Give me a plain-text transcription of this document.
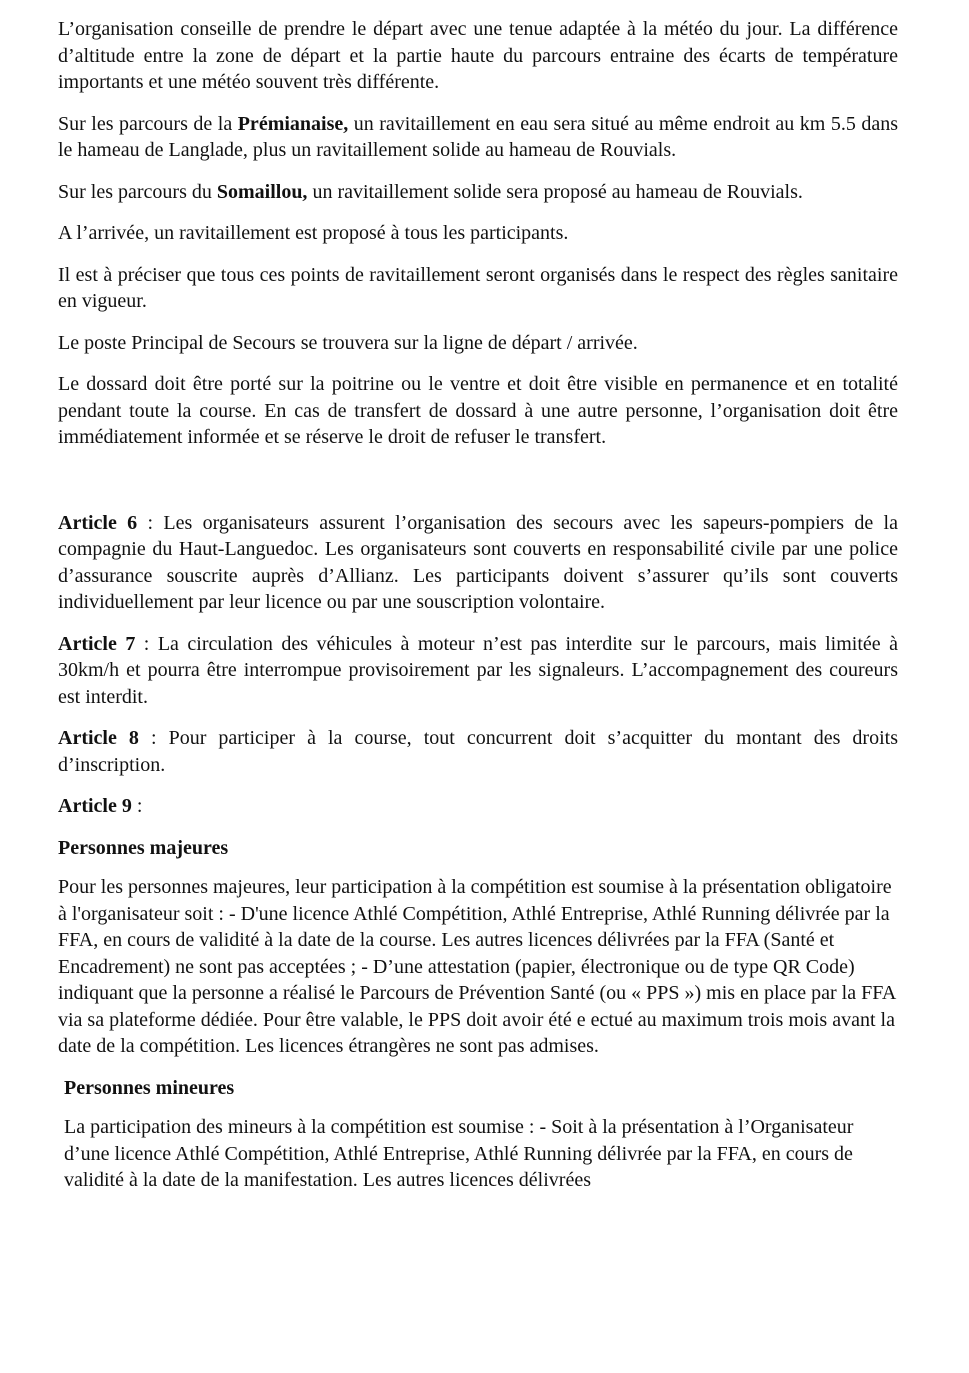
L’organisation conseille de prendre le départ avec une tenue adaptée à la météo du jour. La différence d’altitude entre la zone de départ et la partie haute du parcours entraine des écarts de température importants et une météo souvent très différente.

Sur les parcours de la Prémianaise, un ravitaillement en eau sera situé au même endroit au km 5.5 dans le hameau de Langlade, plus un ravitaillement solide au hameau de Rouvials.

Sur les parcours du Somaillou, un ravitaillement solide sera proposé au hameau de Rouvials.

A l’arrivée, un ravitaillement est proposé à tous les participants.

Il est à préciser que tous ces points de ravitaillement seront organisés dans le respect des règles sanitaire en vigueur.

Le poste Principal de Secours se trouvera sur la ligne de départ / arrivée.

Le dossard doit être porté sur la poitrine ou le ventre et doit être visible en permanence et en totalité pendant toute la course. En cas de transfert de dossard à une autre personne, l’organisation doit être immédiatement informée et se réserve le droit de refuser le transfert.

Article 6 : Les organisateurs assurent l’organisation des secours avec les sapeurs-pompiers de la compagnie du Haut-Languedoc. Les organisateurs sont couverts en responsabilité civile par une police d’assurance souscrite auprès d’Allianz. Les participants doivent s’assurer qu’ils sont couverts individuellement par leur licence ou par une souscription volontaire.

Article 7 : La circulation des véhicules à moteur n’est pas interdite sur le parcours, mais limitée à 30km/h et pourra être interrompue provisoirement par les signaleurs. L’accompagnement des coureurs est interdit.

Article 8 : Pour participer à la course, tout concurrent doit s’acquitter du montant des droits d’inscription.

Article 9 :

Personnes majeures

Pour les personnes majeures, leur participation à la compétition est soumise à la présentation obligatoire à l'organisateur soit : - D'une licence Athlé Compétition, Athlé Entreprise, Athlé Running délivrée par la FFA, en cours de validité à la date de la course. Les autres licences délivrées par la FFA (Santé et Encadrement) ne sont pas acceptées ; - D’une attestation (papier, électronique ou de type QR Code) indiquant que la personne a réalisé le Parcours de Prévention Santé (ou « PPS ») mis en place par la FFA via sa plateforme dédiée. Pour être valable, le PPS doit avoir été e ectué au maximum trois mois avant la date de la compétition. Les licences étrangères ne sont pas admises.

Personnes mineures

La participation des mineurs à la compétition est soumise : - Soit à la présentation à l’Organisateur d’une licence Athlé Compétition, Athlé Entreprise, Athlé Running délivrée par la FFA, en cours de validité à la date de la manifestation. Les autres licences délivrées
